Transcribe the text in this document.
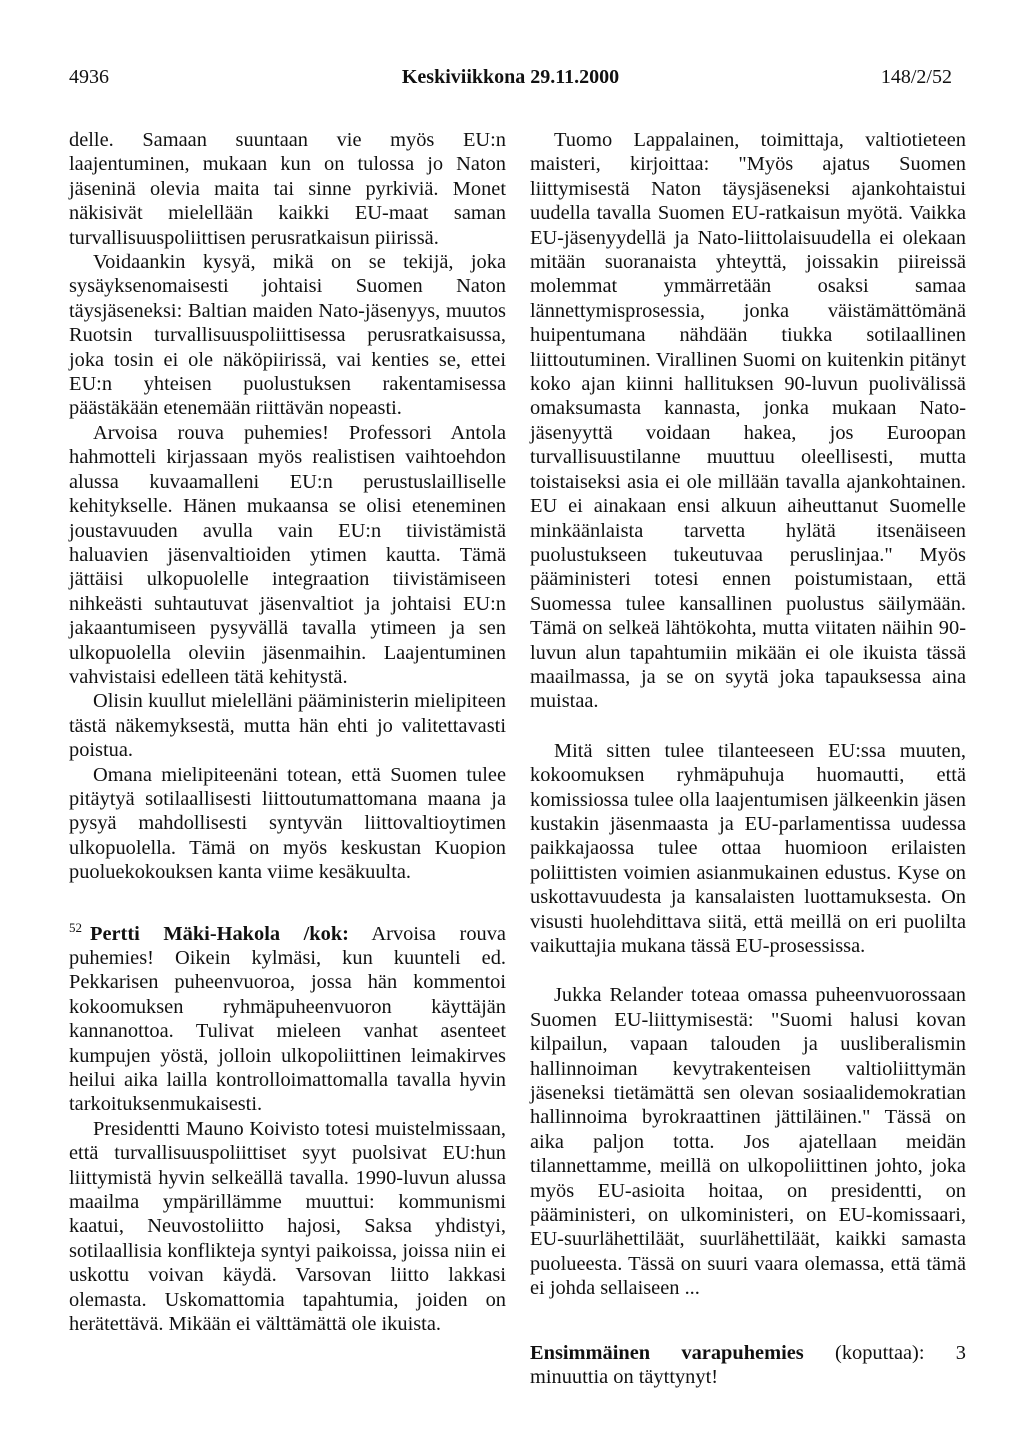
4936	Keskiviikkona 29.11.2000	148/2/52

delle. Samaan suuntaan vie myös EU:n laajentuminen, mukaan kun on tulossa jo Naton jäseninä olevia maita tai sinne pyrkiviä. Monet näkisivät mielellään kaikki EU-maat saman turvallisuuspoliittisen perusratkaisun piirissä.

Voidaankin kysyä, mikä on se tekijä, joka sysäyksenomaisesti johtaisi Suomen Naton täysjäseneksi: Baltian maiden Nato-jäsenyys, muutos Ruotsin turvallisuuspoliittisessa perusratkaisussa, joka tosin ei ole näköpiirissä, vai kenties se, ettei EU:n yhteisen puolustuksen rakentamisessa päästäkään etenemään riittävän nopeasti.

Arvoisa rouva puhemies! Professori Antola hahmotteli kirjassaan myös realistisen vaihtoehdon alussa kuvaamalleni EU:n perustuslailliselle kehitykselle. Hänen mukaansa se olisi eteneminen joustavuuden avulla vain EU:n tiivistämistä haluavien jäsenvaltioiden ytimen kautta. Tämä jättäisi ulkopuolelle integraation tiivistämiseen nihkeästi suhtautuvat jäsenvaltiot ja johtaisi EU:n jakaantumiseen pysyvällä tavalla ytimeen ja sen ulkopuolella oleviin jäsenmaihin. Laajentuminen vahvistaisi edelleen tätä kehitystä.

Olisin kuullut mielelläni pääministerin mielipiteen tästä näkemyksestä, mutta hän ehti jo valitettavasti poistua.

Omana mielipiteenäni totean, että Suomen tulee pitäytyä sotilaallisesti liittoutumattomana maana ja pysyä mahdollisesti syntyvän liittovaltioytimen ulkopuolella. Tämä on myös keskustan Kuopion puoluekokouksen kanta viime kesäkuulta.

$^{52}$ Pertti Mäki-Hakola /kok: Arvoisa rouva puhemies! Oikein kylmäsi, kun kuunteli ed. Pekkarisen puheenvuoroa, jossa hän kommentoi kokoomuksen ryhmäpuheenvuoron käyttäjän kannanottoa. Tulivat mieleen vanhat asenteet kumpujen yöstä, jolloin ulkopoliittinen leimakirves heilui aika lailla kontrolloimattomalla tavalla hyvin tarkoituksenmukaisesti.

Presidentti Mauno Koivisto totesi muistelmissaan, että turvallisuuspoliittiset syyt puolsivat EU:hun liittymistä hyvin selkeällä tavalla. 1990-luvun alussa maailma ympärillämme muuttui: kommunismi kaatui, Neuvostoliitto hajosi, Saksa yhdistyi, sotilaallisia konflikteja syntyi paikoissa, joissa niin ei uskottu voivan käydä. Varsovan liitto lakkasi olemasta. Uskomattomia tapahtumia, joiden on herätettävä. Mikään ei välttämättä ole ikuista.

Tuomo Lappalainen, toimittaja, valtiotieteen maisteri, kirjoittaa: "Myös ajatus Suomen liittymisestä Naton täysjäseneksi ajankohtaistui uudella tavalla Suomen EU-ratkaisun myötä. Vaikka EU-jäsenyydellä ja Nato-liittolaisuudella ei olekaan mitään suoranaista yhteyttä, joissakin piireissä molemmat ymmärretään osaksi samaa lännettymisprosessia, jonka väistämättömänä huipentumana nähdään tiukka sotilaallinen liittoutuminen. Virallinen Suomi on kuitenkin pitänyt koko ajan kiinni hallituksen 90-luvun puolivälissä omaksumasta kannasta, jonka mukaan Nato-jäsenyyttä voidaan hakea, jos Euroopan turvallisuustilanne muuttuu oleellisesti, mutta toistaiseksi asia ei ole millään tavalla ajankohtainen. EU ei ainakaan ensi alkuun aiheuttanut Suomelle minkäänlaista tarvetta hylätä itsenäiseen puolustukseen tukeutuvaa peruslinjaa." Myös pääministeri totesi ennen poistumistaan, että Suomessa tulee kansallinen puolustus säilymään. Tämä on selkeä lähtökohta, mutta viitaten näihin 90-luvun alun tapahtumiin mikään ei ole ikuista tässä maailmassa, ja se on syytä joka tapauksessa aina muistaa.

Mitä sitten tulee tilanteeseen EU:ssa muuten, kokoomuksen ryhmäpuhuja huomautti, että komissiossa tulee olla laajentumisen jälkeenkin jäsen kustakin jäsenmaasta ja EU-parlamentissa uudessa paikkajaossa tulee ottaa huomioon erilaisten poliittisten voimien asianmukainen edustus. Kyse on uskottavuudesta ja kansalaisten luottamuksesta. On visusti huolehdittava siitä, että meillä on eri puolilta vaikuttajia mukana tässä EU-prosessissa.

Jukka Relander toteaa omassa puheenvuorossaan Suomen EU-liittymisestä: "Suomi halusi kovan kilpailun, vapaan talouden ja uusliberalismin hallinnoiman kevytrakenteisen valtioliittymän jäseneksi tietämättä sen olevan sosiaalidemokratian hallinnoima byrokraattinen jättiläinen." Tässä on aika paljon totta. Jos ajatellaan meidän tilannettamme, meillä on ulkopoliittinen johto, joka myös EU-asioita hoitaa, on presidentti, on pääministeri, on ulkoministeri, on EU-komissaari, EU-suurlähettiläät, suurlähettiläät, kaikki samasta puolueesta. Tässä on suuri vaara olemassa, että tämä ei johda sellaiseen ...

Ensimmäinen varapuhemies (koputtaa): 3 minuuttia on täyttynyt!
